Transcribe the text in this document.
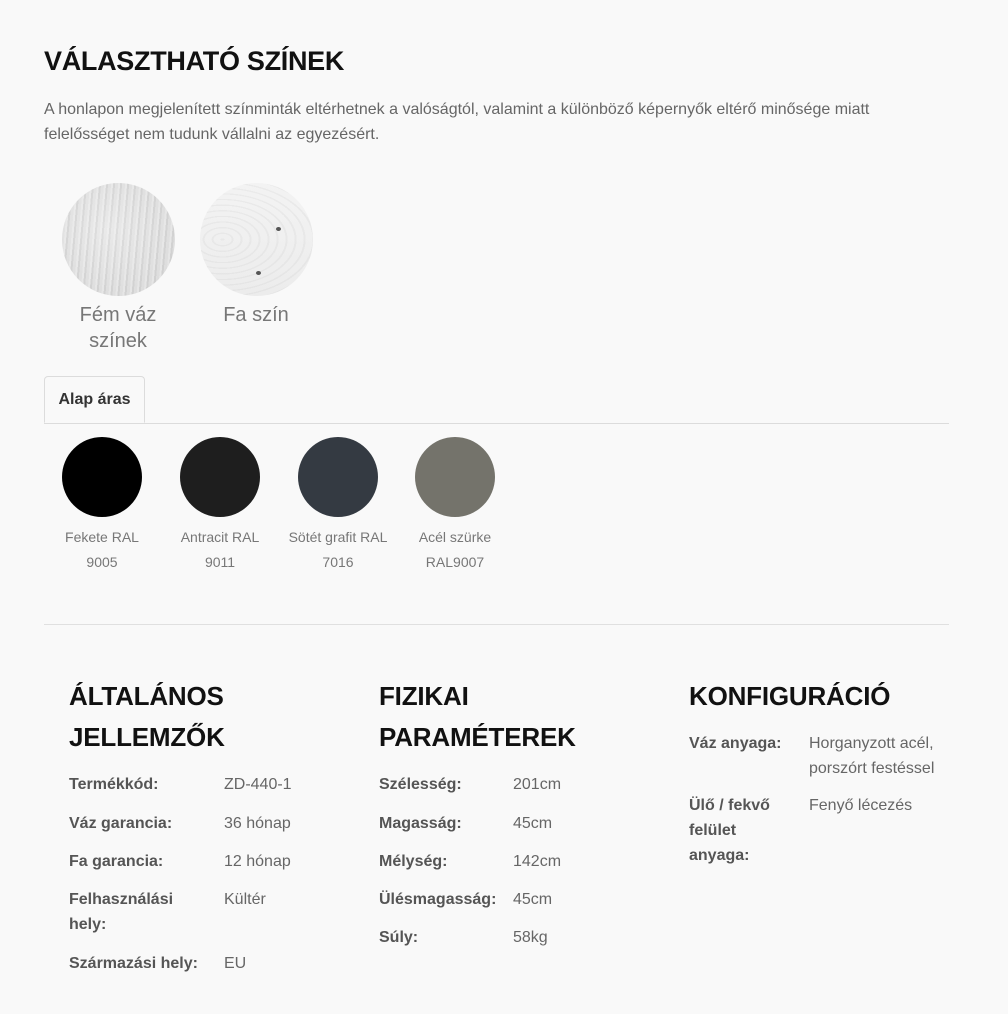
VÁLASZTHATÓ SZÍNEK
A honlapon megjelenített színminták eltérhetnek a valóságtól, valamint a különböző képernyők eltérő minősége miatt felelősséget nem tudunk vállalni az egyezésért.
Fém váz színek
Fa szín
Alap áras
Fekete RAL 9005
Antracit RAL 9011
Sötét grafit RAL 7016
Acél szürke RAL9007
ÁLTALÁNOS JELLEMZŐK
Termékkód:	ZD-440-1
Váz garancia:	36 hónap
Fa garancia:	12 hónap
Felhasználási hely:
Kültér
Származási hely:	EU
FIZIKAI PARAMÉTEREK
Szélesség:	201cm
Magasság:	45cm
Mélység:	142cm
Ülésmagasság:	45cm
Súly:	58kg
KONFIGURÁCIÓ
Váz anyaga:	Horganyzott acél, porszórt festéssel
Ülő / fekvő felület anyaga:
Fenyő lécezés
